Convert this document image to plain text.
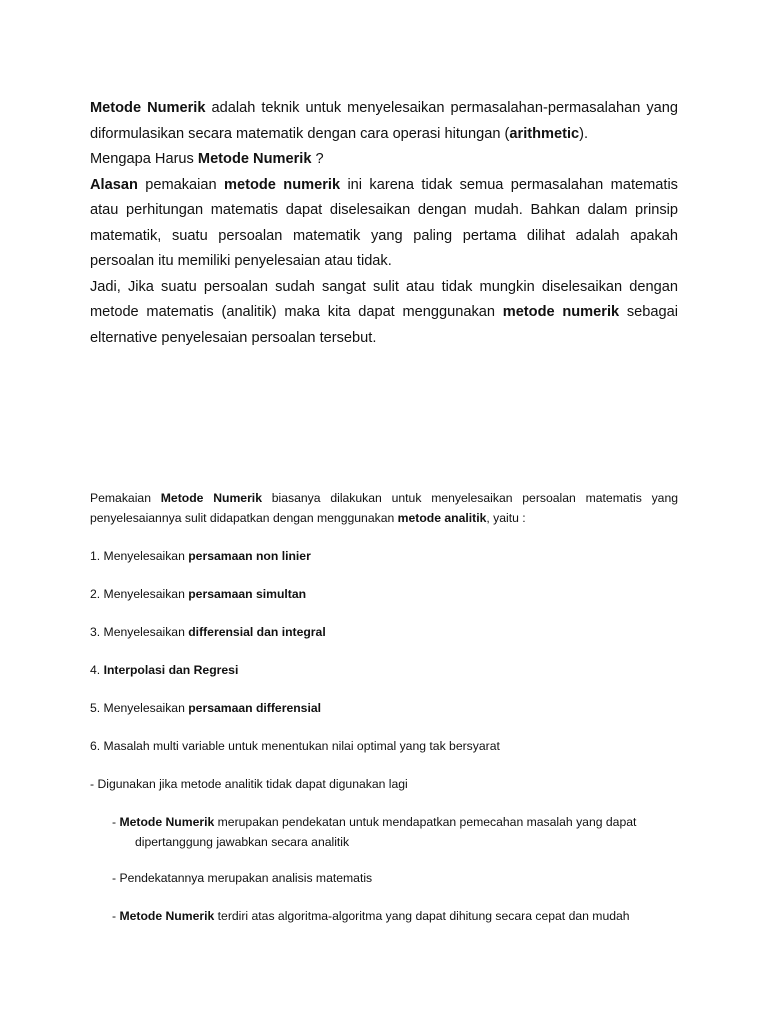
Metode Numerik adalah teknik untuk menyelesaikan permasalahan-permasalahan yang diformulasikan secara matematik dengan cara operasi hitungan (arithmetic).

Mengapa Harus Metode Numerik ?

Alasan pemakaian metode numerik ini karena tidak semua permasalahan matematis atau perhitungan matematis dapat diselesaikan dengan mudah. Bahkan dalam prinsip matematik, suatu persoalan matematik yang paling pertama dilihat adalah apakah persoalan itu memiliki penyelesaian atau tidak.

Jadi, Jika suatu persoalan sudah sangat sulit atau tidak mungkin diselesaikan dengan metode matematis (analitik) maka kita dapat menggunakan metode numerik sebagai elternative penyelesaian persoalan tersebut.

Pemakaian Metode Numerik biasanya dilakukan untuk menyelesaikan persoalan matematis yang penyelesaiannya sulit didapatkan dengan menggunakan metode analitik, yaitu :

1. Menyelesaikan persamaan non linier
2. Menyelesaikan persamaan simultan
3. Menyelesaikan differensial dan integral
4. Interpolasi dan Regresi
5. Menyelesaikan persamaan differensial
6. Masalah multi variable untuk menentukan nilai optimal yang tak bersyarat
- Digunakan jika metode analitik tidak dapat digunakan lagi
- Metode Numerik merupakan pendekatan untuk mendapatkan pemecahan masalah yang dapat
dipertanggung jawabkan secara analitik
- Pendekatannya merupakan analisis matematis
- Metode Numerik terdiri atas algoritma-algoritma yang dapat dihitung secara cepat dan mudah
